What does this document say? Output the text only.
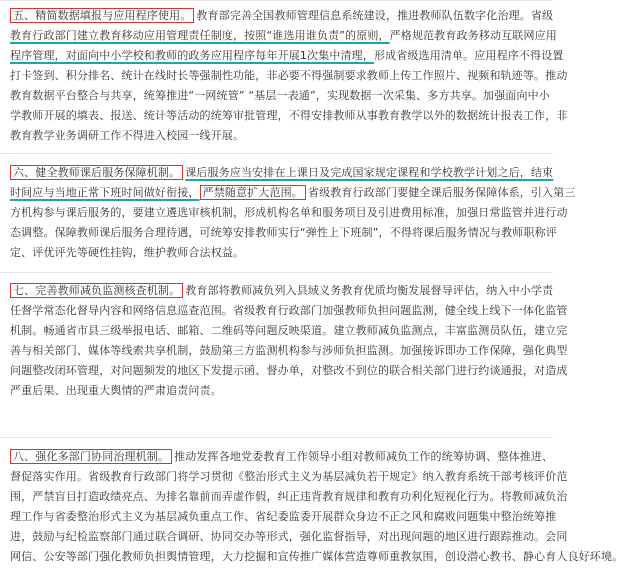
五、精简数据填报与应用程序使用。 教育部完善全国教师管理信息系统建设，推进教师队伍数字化治理。省级
教育行政部门建立教育移动应用管理责任制度，按照“谁选用谁负责”的原则，严格规范教育政务移动互联网应用
程序管理，对面向中小学校和教师的政务应用程序每年开展1次集中清理，形成省级选用清单。应用程序不得设置
打卡签到、积分排名、统计在线时长等强制性功能，非必要不得强制要求教师上传工作照片、视频和轨迹等。推动
教育数据平台整合与共享，统筹推进“一网统管” “基层一表通”，实现数据一次采集、多方共享。加强面向中小
学教师开展的填表、报送、统计等活动的统筹审批管理，不得安排教师从事教育教学以外的数据统计报表工作，非
教育教学业务调研工作不得进入校园一线开展。
六、健全教师课后服务保障机制。 课后服务应当安排在上课日及完成国家规定课程和学校教学计划之后，结束
时间应与当地正常下班时间做好衔接， 严禁随意扩大范围。 省级教育行政部门要健全课后服务保障体系，引入第三
方机构参与课后服务的，要建立遴选审核机制，形成机构名单和服务项目及引进费用标准，加强日常监管并进行动
态调整。保障教师课后服务合理待遇，可统筹安排教师实行“弹性上下班制”，不得将课后服务情况与教师职称评
定、评优评先等硬性挂钩，维护教师合法权益。
七、完善教师减负监测核查机制。 教育部将教师减负列入县域义务教育优质均衡发展督导评估，纳入中小学责
任督学常态化督导内容和网络信息巡查范围。省级教育行政部门加强教师负担问题监测，健全线上线下一体化监管
机制。畅通省市县三级举报电话、邮箱、二维码等问题反映渠道。建立教师减负监测点，丰富监测员队伍，建立完
善与相关部门、媒体等线索共享机制，鼓励第三方监测机构参与涉师负担监测。加强接诉即办工作保障，强化典型
问题整改闭环管理，对问题频发的地区下发提示函、督办单，对整改不到位的联合相关部门进行约谈通报，对造成
严重后果、出现重大舆情的严肃追责问责。
八、强化多部门协同治理机制。 推动发挥各地党委教育工作领导小组对教师减负工作的统筹协调、整体推进、
督促落实作用。省级教育行政部门将学习贯彻《整治形式主义为基层减负若干规定》纳入教育系统干部考核评价范
围，严禁盲目打造政绩亮点、为排名靠前而弄虚作假，纠正违背教育规律和教育功利化短视化行为。将教师减负治
理工作与省委整治形式主义为基层减负重点工作、省纪委监委开展群众身边不正之风和腐败问题集中整治统筹推
进，鼓励与纪检监察部门通过联合调研、协同交办等形式，强化监督指导，对出现问题的地区进行跟踪推动。会同
网信、公安等部门强化教师负担舆情管理，大力挖掘和宣传推广媒体营造尊师重教氛围，创设潜心教书、静心育人良好环境。
